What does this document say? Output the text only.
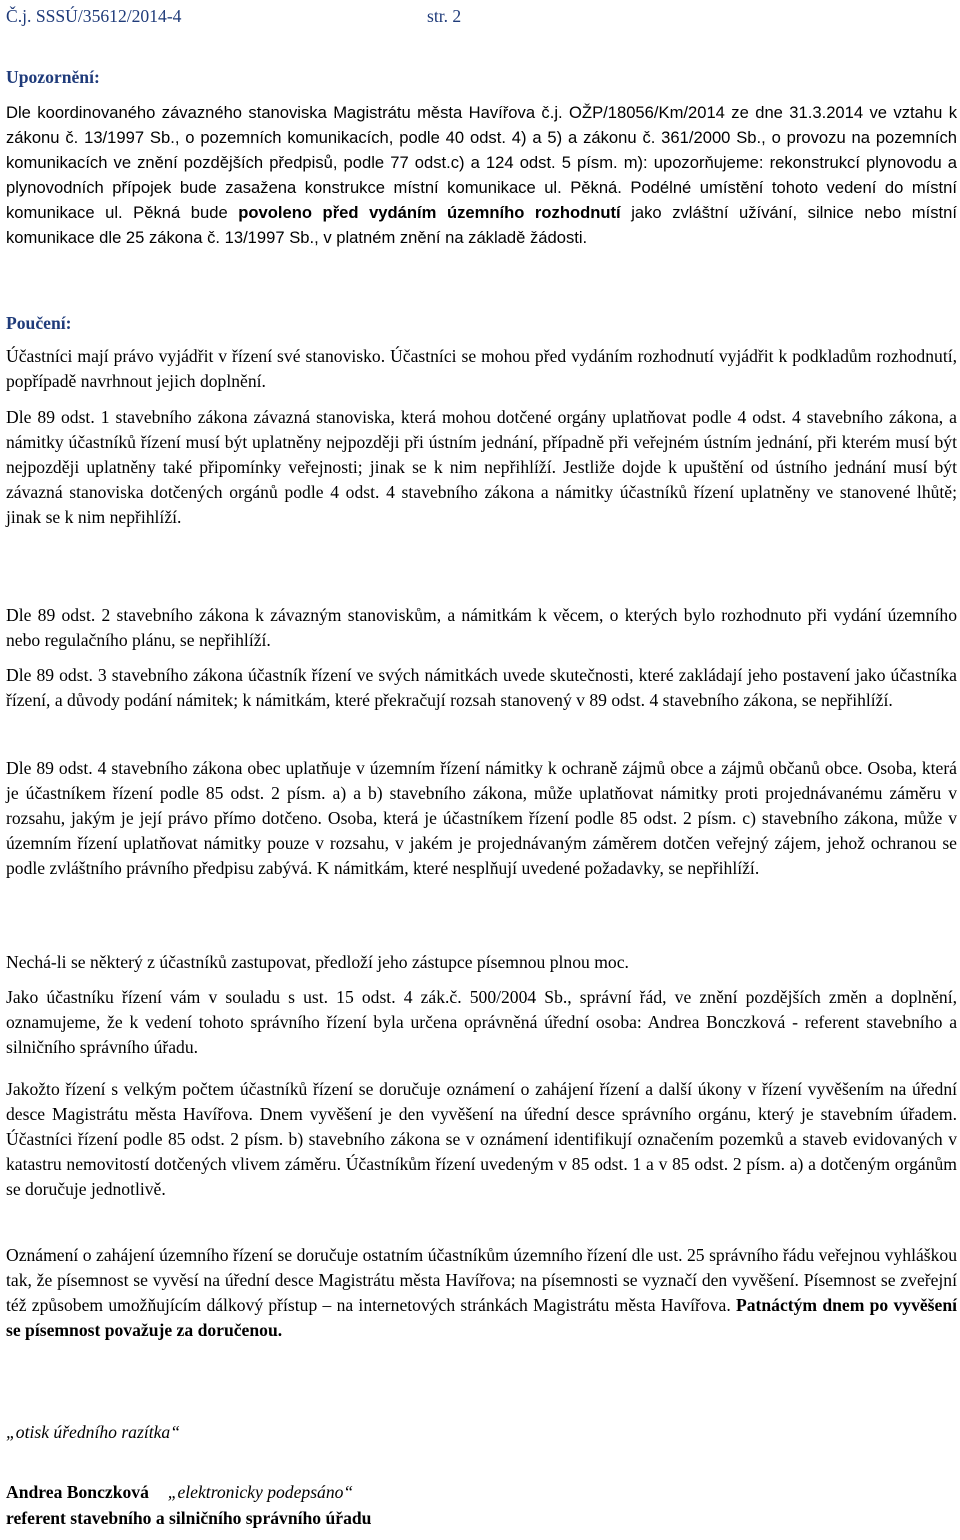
Č.j. SSSÚ/35612/2014-4	str. 2
Upozornění:
Dle koordinovaného závazného stanoviska Magistrátu města Havířova č.j. OŽP/18056/Km/2014 ze dne 31.3.2014 ve vztahu k zákonu č. 13/1997 Sb., o pozemních komunikacích, podle 40 odst. 4) a 5) a zákonu č. 361/2000 Sb., o provozu na pozemních komunikacích ve znění pozdějších předpisů, podle 77 odst.c) a 124 odst. 5 písm. m): upozorňujeme: rekonstrukcí plynovodu a plynovodních přípojek bude zasažena konstrukce místní komunikace ul. Pěkná. Podélné umístění tohoto vedení do místní komunikace ul. Pěkná bude povoleno před vydáním územního rozhodnutí jako zvláštní užívání, silnice nebo místní komunikace dle 25 zákona č. 13/1997 Sb., v platném znění na základě žádosti.
Poučení:
Účastníci mají právo vyjádřit v řízení své stanovisko. Účastníci se mohou před vydáním rozhodnutí vyjádřit k podkladům rozhodnutí, popřípadě navrhnout jejich doplnění.
Dle 89 odst. 1 stavebního zákona závazná stanoviska, která mohou dotčené orgány uplatňovat podle 4 odst. 4 stavebního zákona, a námitky účastníků řízení musí být uplatněny nejpozději při ústním jednání, případně při veřejném ústním jednání, při kterém musí být nejpozději uplatněny také připomínky veřejnosti; jinak se k nim nepřihlíží. Jestliže dojde k upuštění od ústního jednání musí být závazná stanoviska dotčených orgánů podle 4 odst. 4 stavebního zákona a námitky účastníků řízení uplatněny ve stanovené lhůtě; jinak se k nim nepřihlíží.
Dle 89 odst. 2 stavebního zákona k závazným stanoviskům, a námitkám k věcem, o kterých bylo rozhodnuto při vydání územního nebo regulačního plánu, se nepřihlíží.
Dle 89 odst. 3 stavebního zákona účastník řízení ve svých námitkách uvede skutečnosti, které zakládají jeho postavení jako účastníka řízení, a důvody podání námitek; k námitkám, které překračují rozsah stanovený v 89 odst. 4 stavebního zákona, se nepřihlíží.
Dle 89 odst. 4 stavebního zákona obec uplatňuje v územním řízení námitky k ochraně zájmů obce a zájmů občanů obce. Osoba, která je účastníkem řízení podle 85 odst. 2 písm. a) a b) stavebního zákona, může uplatňovat námitky proti projednávanému záměru v rozsahu, jakým je její právo přímo dotčeno. Osoba, která je účastníkem řízení podle 85 odst. 2 písm. c) stavebního zákona, může v územním řízení uplatňovat námitky pouze v rozsahu, v jakém je projednávaným záměrem dotčen veřejný zájem, jehož ochranou se podle zvláštního právního předpisu zabývá. K námitkám, které nesplňují uvedené požadavky, se nepřihlíží.
Nechá-li se některý z účastníků zastupovat, předloží jeho zástupce písemnou plnou moc.
Jako účastníku řízení vám v souladu s ust. 15 odst. 4 zák.č. 500/2004 Sb., správní řád, ve znění pozdějších změn a doplnění, oznamujeme, že k vedení tohoto správního řízení byla určena oprávněná úřední osoba: Andrea Bonczková - referent stavebního a silničního správního úřadu.
Jakožto řízení s velkým počtem účastníků řízení se doručuje oznámení o zahájení řízení a další úkony v řízení vyvěšením na úřední desce Magistrátu města Havířova. Dnem vyvěšení je den vyvěšení na úřední desce správního orgánu, který je stavebním úřadem. Účastníci řízení podle 85 odst. 2 písm. b) stavebního zákona se v oznámení identifikují označením pozemků a staveb evidovaných v katastru nemovitostí dotčených vlivem záměru. Účastníkům řízení uvedeným v 85 odst. 1 a v 85 odst. 2 písm. a) a dotčeným orgánům se doručuje jednotlivě.
Oznámení o zahájení územního řízení se doručuje ostatním účastníkům územního řízení dle ust. 25 správního řádu veřejnou vyhláškou tak, že písemnost se vyvěsí na úřední desce Magistrátu města Havířova; na písemnosti se vyznačí den vyvěšení. Písemnost se zveřejní též způsobem umožňujícím dálkový přístup – na internetových stránkách Magistrátu města Havířova. Patnáctým dnem po vyvěšení se písemnost považuje za doručenou.
„otisk úředního razítka“
Andrea Bonczková „elektronicky podepsáno“
referent stavebního a silničního správního úřadu
